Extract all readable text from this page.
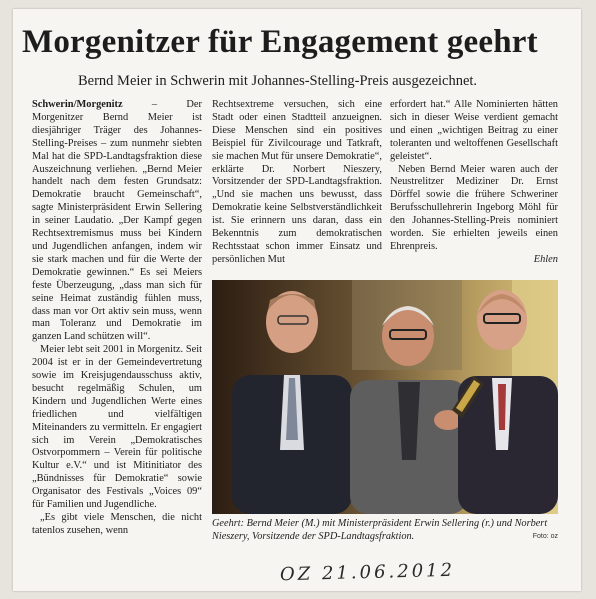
Morgenitzer für Engagement geehrt
Bernd Meier in Schwerin mit Johannes-Stelling-Preis ausgezeichnet.

Schwerin/Morgenitz – Der Morgenitzer Bernd Meier ist diesjähriger Träger des Johannes-Stelling-Preises – zum nunmehr siebten Mal hat die SPD-Landtagsfraktion diese Auszeichnung verliehen. „Bernd Meier handelt nach dem festen Grundsatz: Demokratie braucht Gemeinschaft“, sagte Ministerpräsident Erwin Sellering in seiner Laudatio. „Der Kampf gegen Rechtsextremismus muss bei Kindern und Jugendlichen anfangen, indem wir sie stark machen und für die Werte der Demokratie gewinnen.“ Es sei Meiers feste Überzeugung, „dass man sich für seine Heimat zuständig fühlen muss, dass man vor Ort aktiv sein muss, wenn man Toleranz und Demokratie im ganzen Land schützen will“.

Meier lebt seit 2001 in Morgenitz. Seit 2004 ist er in der Gemeindevertretung sowie im Kreisjugendausschuss aktiv, besucht regelmäßig Schulen, um Kindern und Jugendlichen Werte eines friedlichen und vielfältigen Miteinanders zu vermitteln. Er engagiert sich im Verein „Demokratisches Ostvorpommern – Verein für politische Kultur e.V.“ und ist Mitinitiator des „Bündnisses für Demokratie“ sowie Organisator des Festivals „Voices 09“ für Familien und Jugendliche.

„Es gibt viele Menschen, die nicht tatenlos zusehen, wenn

Rechtsextreme versuchen, sich eine Stadt oder einen Stadtteil anzueignen. Diese Menschen sind ein positives Beispiel für Zivilcourage und Tatkraft, sie machen Mut für unsere Demokratie“, erklärte Dr. Norbert Nieszery, Vorsitzender der SPD-Landtagsfraktion. „Und sie machen uns bewusst, dass Demokratie keine Selbstverständlichkeit ist. Sie erinnern uns daran, dass ein Bekenntnis zum demokratischen Rechtsstaat schon immer Einsatz und persönlichen Mut

erfordert hat.“ Alle Nominierten hätten sich in dieser Weise verdient gemacht und einen „wichtigen Beitrag zu einer toleranten und weltoffenen Gesellschaft geleistet“.

Neben Bernd Meier waren auch der Neustrelitzer Mediziner Dr. Ernst Dörffel sowie die frühere Schweriner Berufsschullehrerin Ingeborg Möhl für den Johannes-Stelling-Preis nominiert worden. Sie erhielten jeweils einen Ehrenpreis.

Ehlen

Geehrt: Bernd Meier (M.) mit Ministerpräsident Erwin Sellering (r.) und Norbert Nieszery, Vorsitzende der SPD-Landtagsfraktion.	Foto: oz
OZ 21.06.2012
